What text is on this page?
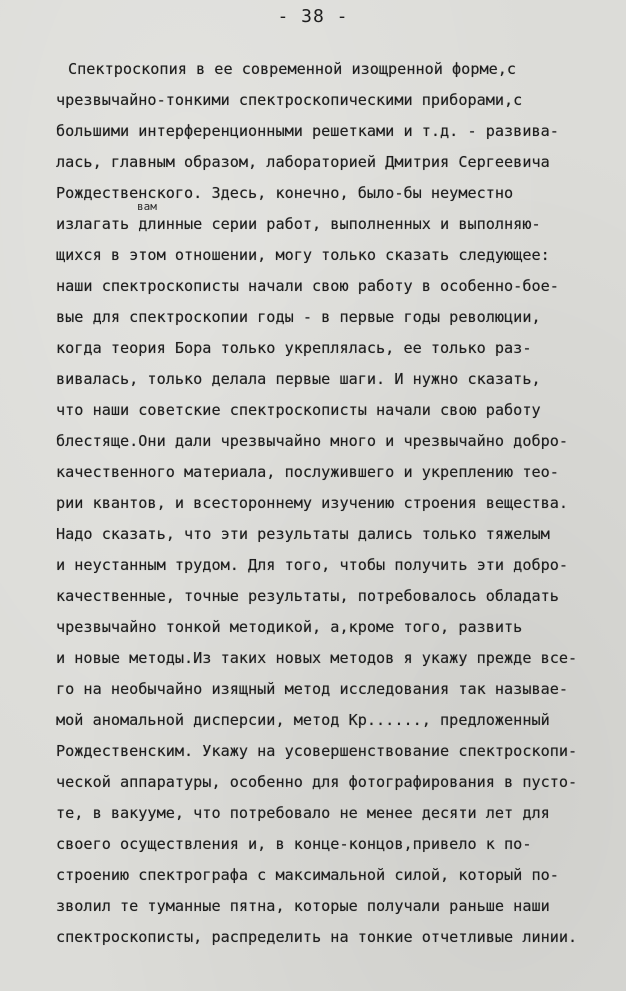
- 38 -
вам
Спектроскопия в ее современной изощренной форме,с
чрезвычайно-тонкими спектроскопическими приборами,с
большими интерференционными решетками и т.д. - развива-
лась, главным образом, лабораторией Дмитрия Сергеевича
Рождественского. Здесь, конечно, было-бы неуместно
излагать длинные серии работ, выполненных и выполняю-
щихся в этом отношении, могу только сказать следующее:
наши спектроскописты начали свою работу в особенно-бое-
вые для спектроскопии годы - в первые годы революции,
когда теория Бора только укреплялась, ее только раз-
вивалась, только делала первые шаги. И нужно сказать,
что наши советские спектроскописты начали свою работу
блестяще.Они дали чрезвычайно много и чрезвычайно добро-
качественного материала, послужившего и укреплению тео-
рии квантов, и всестороннему изучению строения вещества.
Надо сказать, что эти результаты дались только тяжелым
и неустанным трудом. Для того, чтобы получить эти добро-
качественные, точные результаты, потребовалось обладать
чрезвычайно тонкой методикой, а,кроме того, развить
и новые методы.Из таких новых методов я укажу прежде все-
го на необычайно изящный метод исследования так называе-
мой аномальной дисперсии, метод Кр......, предложенный
Рождественским. Укажу на усовершенствование спектроскопи-
ческой аппаратуры, особенно для фотографирования в пусто-
те, в вакууме, что потребовало не менее десяти лет для
своего осуществления и, в конце-концов,привело к по-
строению спектрографа с максимальной силой, который по-
зволил те туманные пятна, которые получали раньше наши
спектроскописты, распределить на тонкие отчетливые линии.
